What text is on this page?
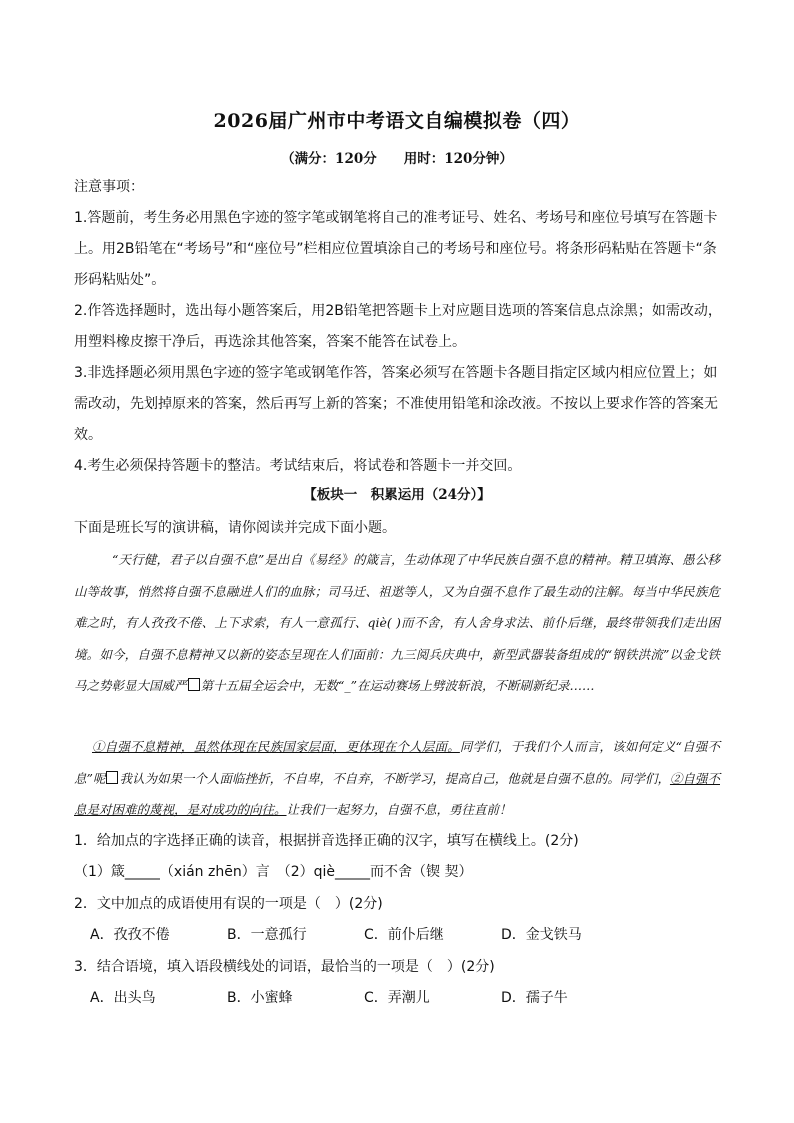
2026届广州市中考语文自编模拟卷（四）
（满分：120分　　用时：120分钟）
注意事项：
1.答题前，考生务必用黑色字迹的签字笔或钢笔将自己的准考证号、姓名、考场号和座位号填写在答题卡上。用2B铅笔在“考场号”和“座位号”栏相应位置填涂自己的考场号和座位号。将条形码粘贴在答题卡“条形码粘贴处”。
2.作答选择题时，选出每小题答案后，用2B铅笔把答题卡上对应题目选项的答案信息点涂黑；如需改动，用塑料橡皮擦干净后，再选涂其他答案，答案不能答在试卷上。
3.非选择题必须用黑色字迹的签字笔或钢笔作答，答案必须写在答题卡各题目指定区域内相应位置上；如需改动，先划掉原来的答案，然后再写上新的答案；不准使用铅笔和涂改液。不按以上要求作答的答案无效。
4.考生必须保持答题卡的整洁。考试结束后，将试卷和答题卡一并交回。
【板块一　积累运用（24分）】
下面是班长写的演讲稿，请你阅读并完成下面小题。

“天行健，君子以自强不息”是出自《易经》的箴言，生动体现了中华民族自强不息的精神。精卫填海、愚公移山等故事，悄然将自强不息融进人们的血脉；司马迁、祖逖等人，又为自强不息作了最生动的注解。每当中华民族危难之时，有人孜孜不倦、上下求索，有人一意孤行、qiè( )而不舍，有人舍身求法、前仆后继，最终带领我们走出困境。如今，自强不息精神又以新的姿态呈现在人们面前：九三阅兵庆典中，新型武器装备组成的“钢铁洪流”以金戈铁马之势彰显大国威严 第十五届全运会中，无数“_”在运动赛场上劈波斩浪，不断刷新纪录……

①自强不息精神，虽然体现在民族国家层面，更体现在个人层面。同学们，于我们个人而言，该如何定义“自强不息”呢 我认为如果一个人面临挫折，不自卑，不自弃，不断学习，提高自己，他就是自强不息的。同学们，②自强不息是对困难的蔑视，是对成功的向往。让我们一起努力，自强不息，勇往直前！

1．给加点的字选择正确的读音，根据拼音选择正确的汉字，填写在横线上。(2分)
（1）箴_____（xián zhēn）言　（2）qiè_____而不舍（锲 契）
2．文中加点的成语使用有误的一项是（　）(2分)
A．孜孜不倦	B．一意孤行	C．前仆后继	D．金戈铁马
3．结合语境，填入语段横线处的词语，最恰当的一项是（　）(2分)
A．出头鸟	B．小蜜蜂	C．弄潮儿	D．孺子牛
